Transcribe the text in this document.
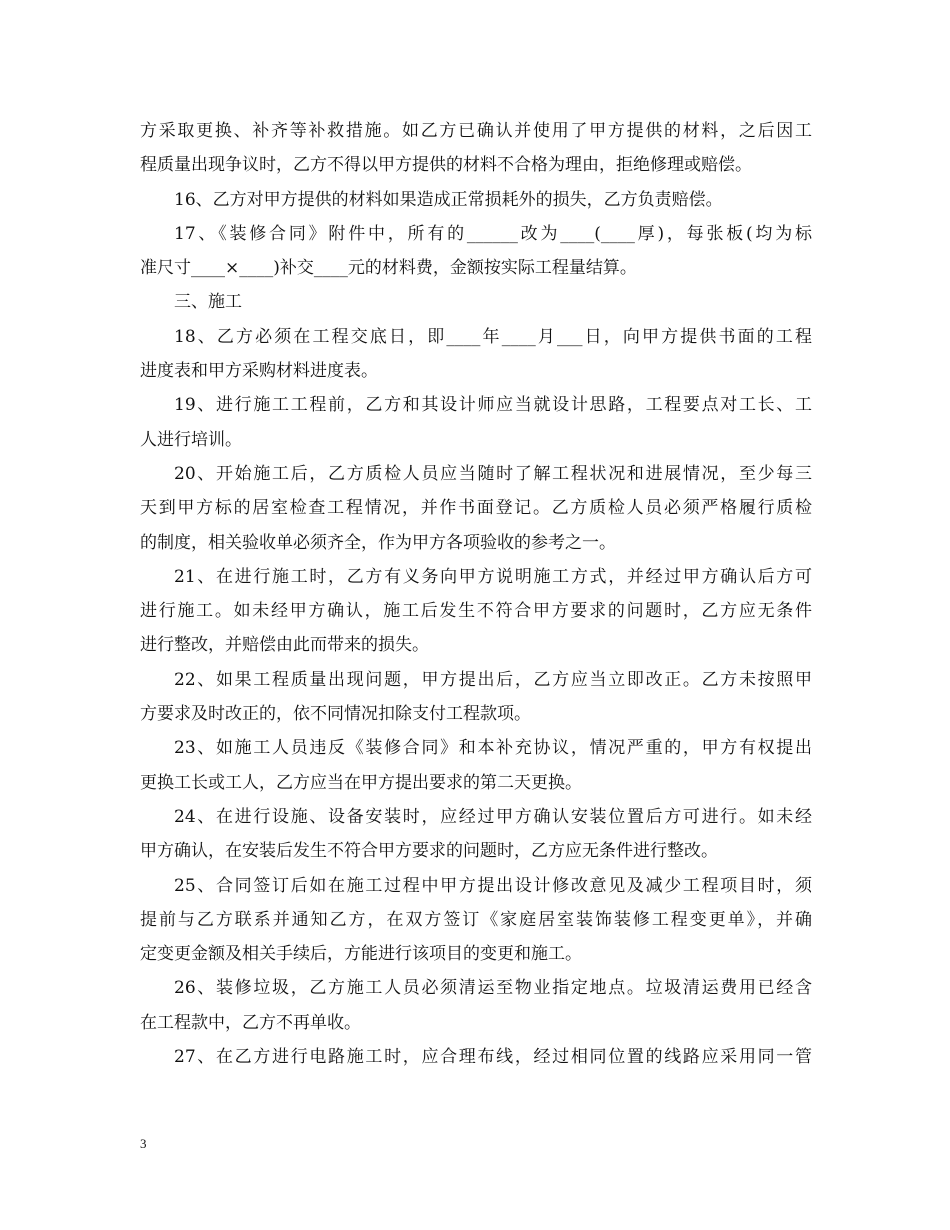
方采取更换、补齐等补救措施。如乙方已确认并使用了甲方提供的材料，之后因工
程质量出现争议时，乙方不得以甲方提供的材料不合格为理由，拒绝修理或赔偿。
16、乙方对甲方提供的材料如果造成正常损耗外的损失，乙方负责赔偿。
17、《装修合同》附件中，所有的______改为____(____厚)，每张板(均为标
准尺寸____×____)补交____元的材料费，金额按实际工程量结算。
三、施工
18、乙方必须在工程交底日，即____年____月___日，向甲方提供书面的工程
进度表和甲方采购材料进度表。
19、进行施工工程前，乙方和其设计师应当就设计思路，工程要点对工长、工
人进行培训。
20、开始施工后，乙方质检人员应当随时了解工程状况和进展情况，至少每三
天到甲方标的居室检查工程情况，并作书面登记。乙方质检人员必须严格履行质检
的制度，相关验收单必须齐全，作为甲方各项验收的参考之一。
21、在进行施工时，乙方有义务向甲方说明施工方式，并经过甲方确认后方可
进行施工。如未经甲方确认，施工后发生不符合甲方要求的问题时，乙方应无条件
进行整改，并赔偿由此而带来的损失。
22、如果工程质量出现问题，甲方提出后，乙方应当立即改正。乙方未按照甲
方要求及时改正的，依不同情况扣除支付工程款项。
23、如施工人员违反《装修合同》和本补充协议，情况严重的，甲方有权提出
更换工长或工人，乙方应当在甲方提出要求的第二天更换。
24、在进行设施、设备安装时，应经过甲方确认安装位置后方可进行。如未经
甲方确认，在安装后发生不符合甲方要求的问题时，乙方应无条件进行整改。
25、合同签订后如在施工过程中甲方提出设计修改意见及减少工程项目时，须
提前与乙方联系并通知乙方，在双方签订《家庭居室装饰装修工程变更单》，并确
定变更金额及相关手续后，方能进行该项目的变更和施工。
26、装修垃圾，乙方施工人员必须清运至物业指定地点。垃圾清运费用已经含
在工程款中，乙方不再单收。
27、在乙方进行电路施工时，应合理布线，经过相同位置的线路应采用同一管
3
